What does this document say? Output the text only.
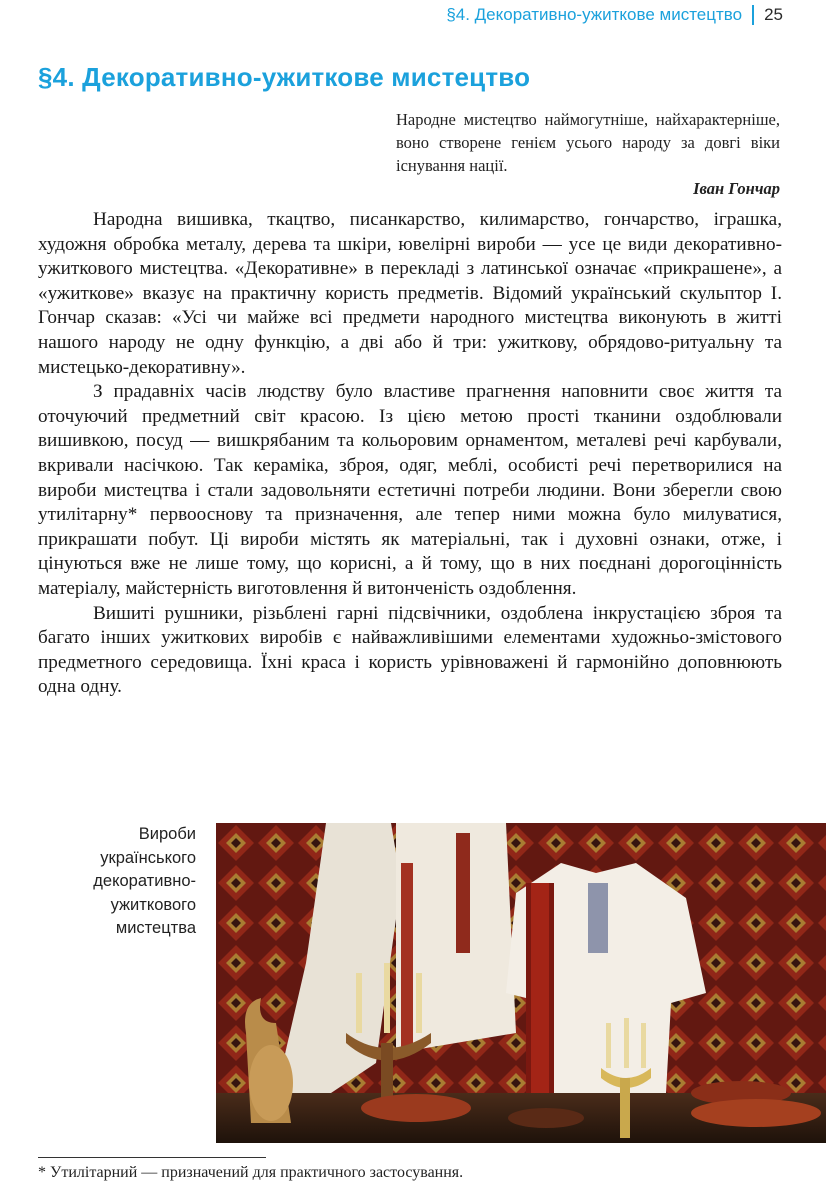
§4. Декоративно-ужиткове мистецтво 25
§4. Декоративно-ужиткове мистецтво
Народне мистецтво наймогутніше, найхарактерніше, воно створене генієм усього народу за довгі віки існування нації.
Іван Гончар

Народна вишивка, ткацтво, писанкарство, килимарство, гончарство, іграшка, художня обробка металу, дерева та шкіри, ювелірні вироби — усе це види декоративно-ужиткового мистецтва. «Декоративне» в перекладі з латинської означає «прикрашене», а «ужиткове» вказує на практичну користь предметів. Відомий український скульптор І. Гончар сказав: «Усі чи майже всі предмети народного мистецтва виконують в житті нашого народу не одну функцію, а дві або й три: ужиткову, обрядово-ритуальну та мистецько-декоративну».

З прадавніх часів людству було властиве прагнення наповнити своє життя та оточуючий предметний світ красою. Із цією метою прості тканини оздоблювали вишивкою, посуд — вишкрябаним та кольоровим орнаментом, металеві речі карбували, вкривали насічкою. Так кераміка, зброя, одяг, меблі, особисті речі перетворилися на вироби мистецтва і стали задовольняти естетичні потреби людини. Вони зберегли свою утилітарну* первооснову та призначення, але тепер ними можна було милуватися, прикрашати побут. Ці вироби містять як матеріальні, так і духовні ознаки, отже, і цінуються вже не лише тому, що корисні, а й тому, що в них поєднані дорогоцінність матеріалу, майстерність виготовлення й витонченість оздоблення.

Вишиті рушники, різьблені гарні підсвічники, оздоблена інкрустацією зброя та багато інших ужиткових виробів є найважливішими елементами художньо-змістового предметного середовища. Їхні краса і користь урівноважені й гармонійно доповнюють одна одну.

Вироби українського декоративно-ужиткового мистецтва
* Утилітарний — призначений для практичного застосування.
